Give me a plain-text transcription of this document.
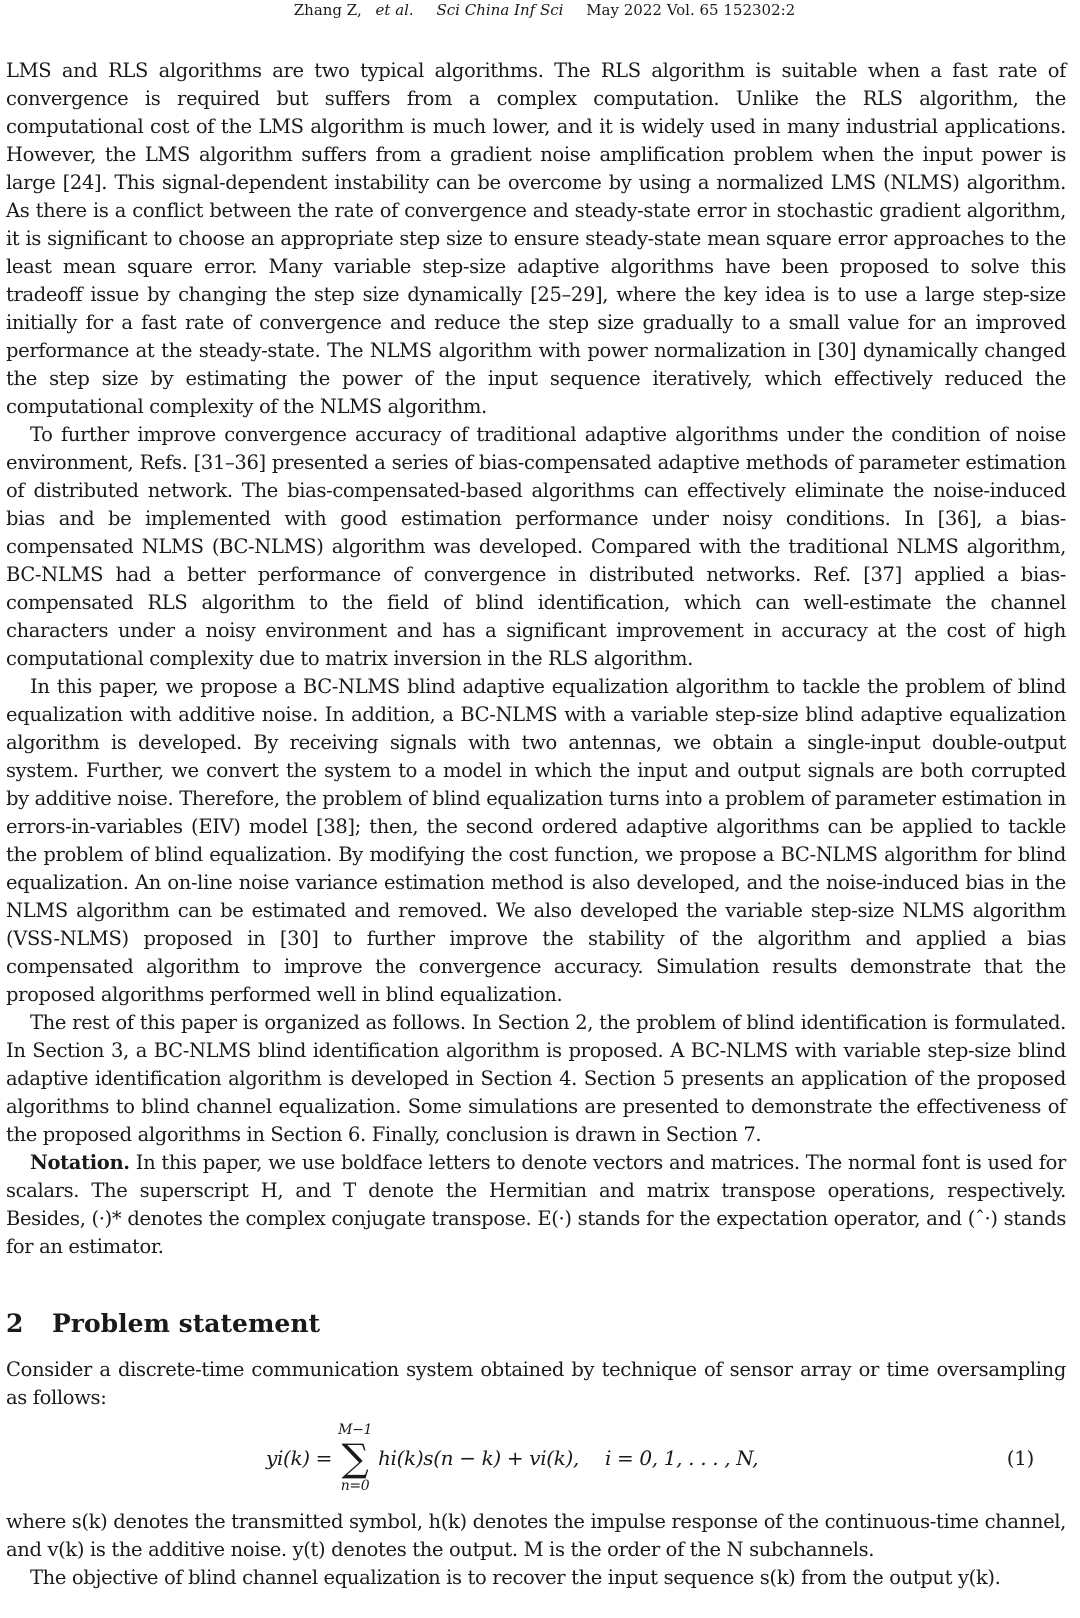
Zhang Z, et al. Sci China Inf Sci May 2022 Vol. 65 152302:2

LMS and RLS algorithms are two typical algorithms. The RLS algorithm is suitable when a fast rate of convergence is required but suffers from a complex computation. Unlike the RLS algorithm, the computational cost of the LMS algorithm is much lower, and it is widely used in many industrial applications. However, the LMS algorithm suffers from a gradient noise amplification problem when the input power is large [24]. This signal-dependent instability can be overcome by using a normalized LMS (NLMS) algorithm. As there is a conflict between the rate of convergence and steady-state error in stochastic gradient algorithm, it is significant to choose an appropriate step size to ensure steady-state mean square error approaches to the least mean square error. Many variable step-size adaptive algorithms have been proposed to solve this tradeoff issue by changing the step size dynamically [25–29], where the key idea is to use a large step-size initially for a fast rate of convergence and reduce the step size gradually to a small value for an improved performance at the steady-state. The NLMS algorithm with power normalization in [30] dynamically changed the step size by estimating the power of the input sequence iteratively, which effectively reduced the computational complexity of the NLMS algorithm.

To further improve convergence accuracy of traditional adaptive algorithms under the condition of noise environment, Refs. [31–36] presented a series of bias-compensated adaptive methods of parameter estimation of distributed network. The bias-compensated-based algorithms can effectively eliminate the noise-induced bias and be implemented with good estimation performance under noisy conditions. In [36], a bias-compensated NLMS (BC-NLMS) algorithm was developed. Compared with the traditional NLMS algorithm, BC-NLMS had a better performance of convergence in distributed networks. Ref. [37] applied a bias-compensated RLS algorithm to the field of blind identification, which can well-estimate the channel characters under a noisy environment and has a significant improvement in accuracy at the cost of high computational complexity due to matrix inversion in the RLS algorithm.

In this paper, we propose a BC-NLMS blind adaptive equalization algorithm to tackle the problem of blind equalization with additive noise. In addition, a BC-NLMS with a variable step-size blind adaptive equalization algorithm is developed. By receiving signals with two antennas, we obtain a single-input double-output system. Further, we convert the system to a model in which the input and output signals are both corrupted by additive noise. Therefore, the problem of blind equalization turns into a problem of parameter estimation in errors-in-variables (EIV) model [38]; then, the second ordered adaptive algorithms can be applied to tackle the problem of blind equalization. By modifying the cost function, we propose a BC-NLMS algorithm for blind equalization. An on-line noise variance estimation method is also developed, and the noise-induced bias in the NLMS algorithm can be estimated and removed. We also developed the variable step-size NLMS algorithm (VSS-NLMS) proposed in [30] to further improve the stability of the algorithm and applied a bias compensated algorithm to improve the convergence accuracy. Simulation results demonstrate that the proposed algorithms performed well in blind equalization.

The rest of this paper is organized as follows. In Section 2, the problem of blind identification is formulated. In Section 3, a BC-NLMS blind identification algorithm is proposed. A BC-NLMS with variable step-size blind adaptive identification algorithm is developed in Section 4. Section 5 presents an application of the proposed algorithms to blind channel equalization. Some simulations are presented to demonstrate the effectiveness of the proposed algorithms in Section 6. Finally, conclusion is drawn in Section 7.

Notation. In this paper, we use boldface letters to denote vectors and matrices. The normal font is used for scalars. The superscript H, and T denote the Hermitian and matrix transpose operations, respectively. Besides, (·)* denotes the complex conjugate transpose. E(·) stands for the expectation operator, and (ˆ·) stands for an estimator.

2 Problem statement

Consider a discrete-time communication system obtained by technique of sensor array or time oversampling as follows:

yi(k) =
M−1
∑
n=0
hi(k)s(n − k) + vi(k), i = 0, 1, . . . , N,	(1)

where s(k) denotes the transmitted symbol, h(k) denotes the impulse response of the continuous-time channel, and v(k) is the additive noise. y(t) denotes the output. M is the order of the N subchannels.

The objective of blind channel equalization is to recover the input sequence s(k) from the output y(k).
